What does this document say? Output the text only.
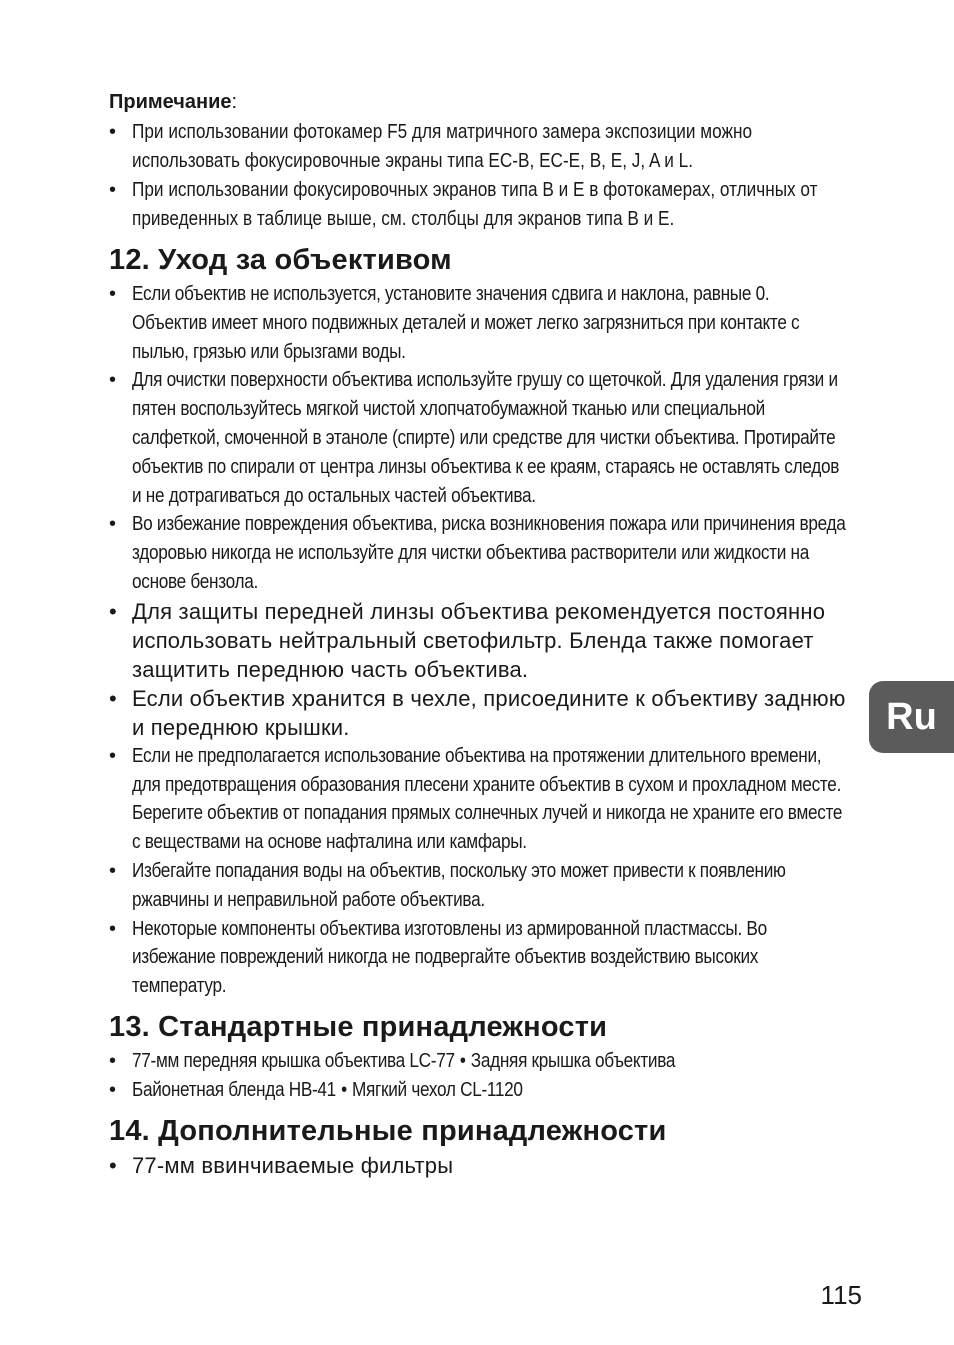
Примечание:

• При использовании фотокамер F5 для матричного замера экспозиции можно использовать фокусировочные экраны типа EC-B, EC-E, B, E, J, A и L.
• При использовании фокусировочных экранов типа B и E в фотокамерах, отличных от приведенных в таблице выше, см. столбцы для экранов типа B и E.
12. Уход за объективом
• Если объектив не используется, установите значения сдвига и наклона, равные 0. Объектив имеет много подвижных деталей и может легко загрязниться при контакте с пылью, грязью или брызгами воды.
• Для очистки поверхности объектива используйте грушу со щеточкой. Для удаления грязи и пятен воспользуйтесь мягкой чистой хлопчатобумажной тканью или специальной салфеткой, смоченной в этаноле (спирте) или средстве для чистки объектива. Протирайте объектив по спирали от центра линзы объектива к ее краям, стараясь не оставлять следов и не дотрагиваться до остальных частей объектива.
• Во избежание повреждения объектива, риска возникновения пожара или причинения вреда здоровью никогда не используйте для чистки объектива растворители или жидкости на основе бензола.
• Для защиты передней линзы объектива рекомендуется постоянно использовать нейтральный светофильтр. Бленда также помогает защитить переднюю часть объектива.
• Если объектив хранится в чехле, присоедините к объективу заднюю и переднюю крышки.
• Если не предполагается использование объектива на протяжении длительного времени, для предотвращения образования плесени храните объектив в сухом и прохладном месте. Берегите объектив от попадания прямых солнечных лучей и никогда не храните его вместе с веществами на основе нафталина или камфары.
• Избегайте попадания воды на объектив, поскольку это может привести к появлению ржавчины и неправильной работе объектива.
• Некоторые компоненты объектива изготовлены из армированной пластмассы. Во избежание повреждений никогда не подвергайте объектив воздействию высоких температур.
13. Стандартные принадлежности
• 77-мм передняя крышка объектива LC-77 • Задняя крышка объектива
• Байонетная бленда HB-41 • Мягкий чехол CL-1120
14. Дополнительные принадлежности
• 77-мм ввинчиваемые фильтры
Ru
115
